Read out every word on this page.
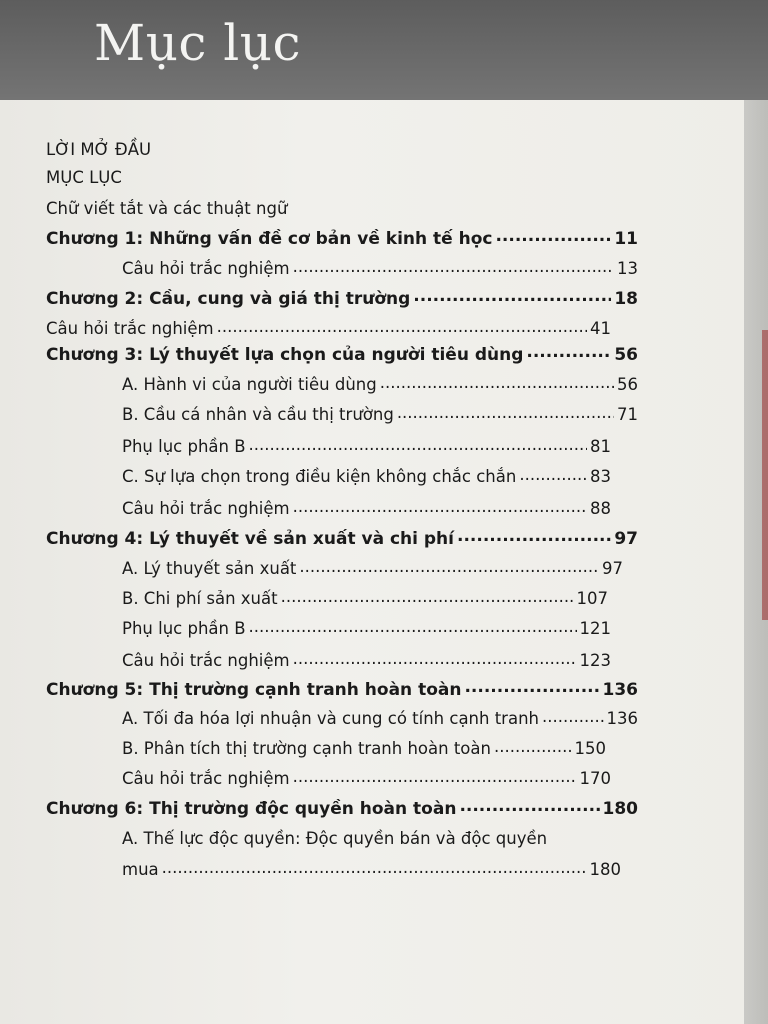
Mục lục
LỜI MỞ ĐẦU
MỤC LỤC
Chữ viết tắt và các thuật ngữ
Chương 1: Những vấn đề cơ bản về kinh tế học .....	11
Câu hỏi trắc nghiệm .....	13
Chương 2: Cầu, cung và giá thị trường .....	18
Câu hỏi trắc nghiệm .....	41
Chương 3: Lý thuyết lựa chọn của người tiêu dùng .....	56
A. Hành vi của người tiêu dùng .....	56
B. Cầu cá nhân và cầu thị trường .....	71
Phụ lục phần B .....	81
C. Sự lựa chọn trong điều kiện không chắc chắn .....	83
Câu hỏi trắc nghiệm .....	88
Chương 4: Lý thuyết về sản xuất và chi phí .....	97
A. Lý thuyết sản xuất .....	97
B. Chi phí sản xuất .....	107
Phụ lục phần B .....	121
Câu hỏi trắc nghiệm .....	123
Chương 5: Thị trường cạnh tranh hoàn toàn .....	136
A. Tối đa hóa lợi nhuận và cung có tính cạnh tranh .....	136
B. Phân tích thị trường cạnh tranh hoàn toàn .....	150
Câu hỏi trắc nghiệm .....	170
Chương 6: Thị trường độc quyền hoàn toàn .....	180
A. Thế lực độc quyền: Độc quyền bán và độc quyền
mua .....	180
